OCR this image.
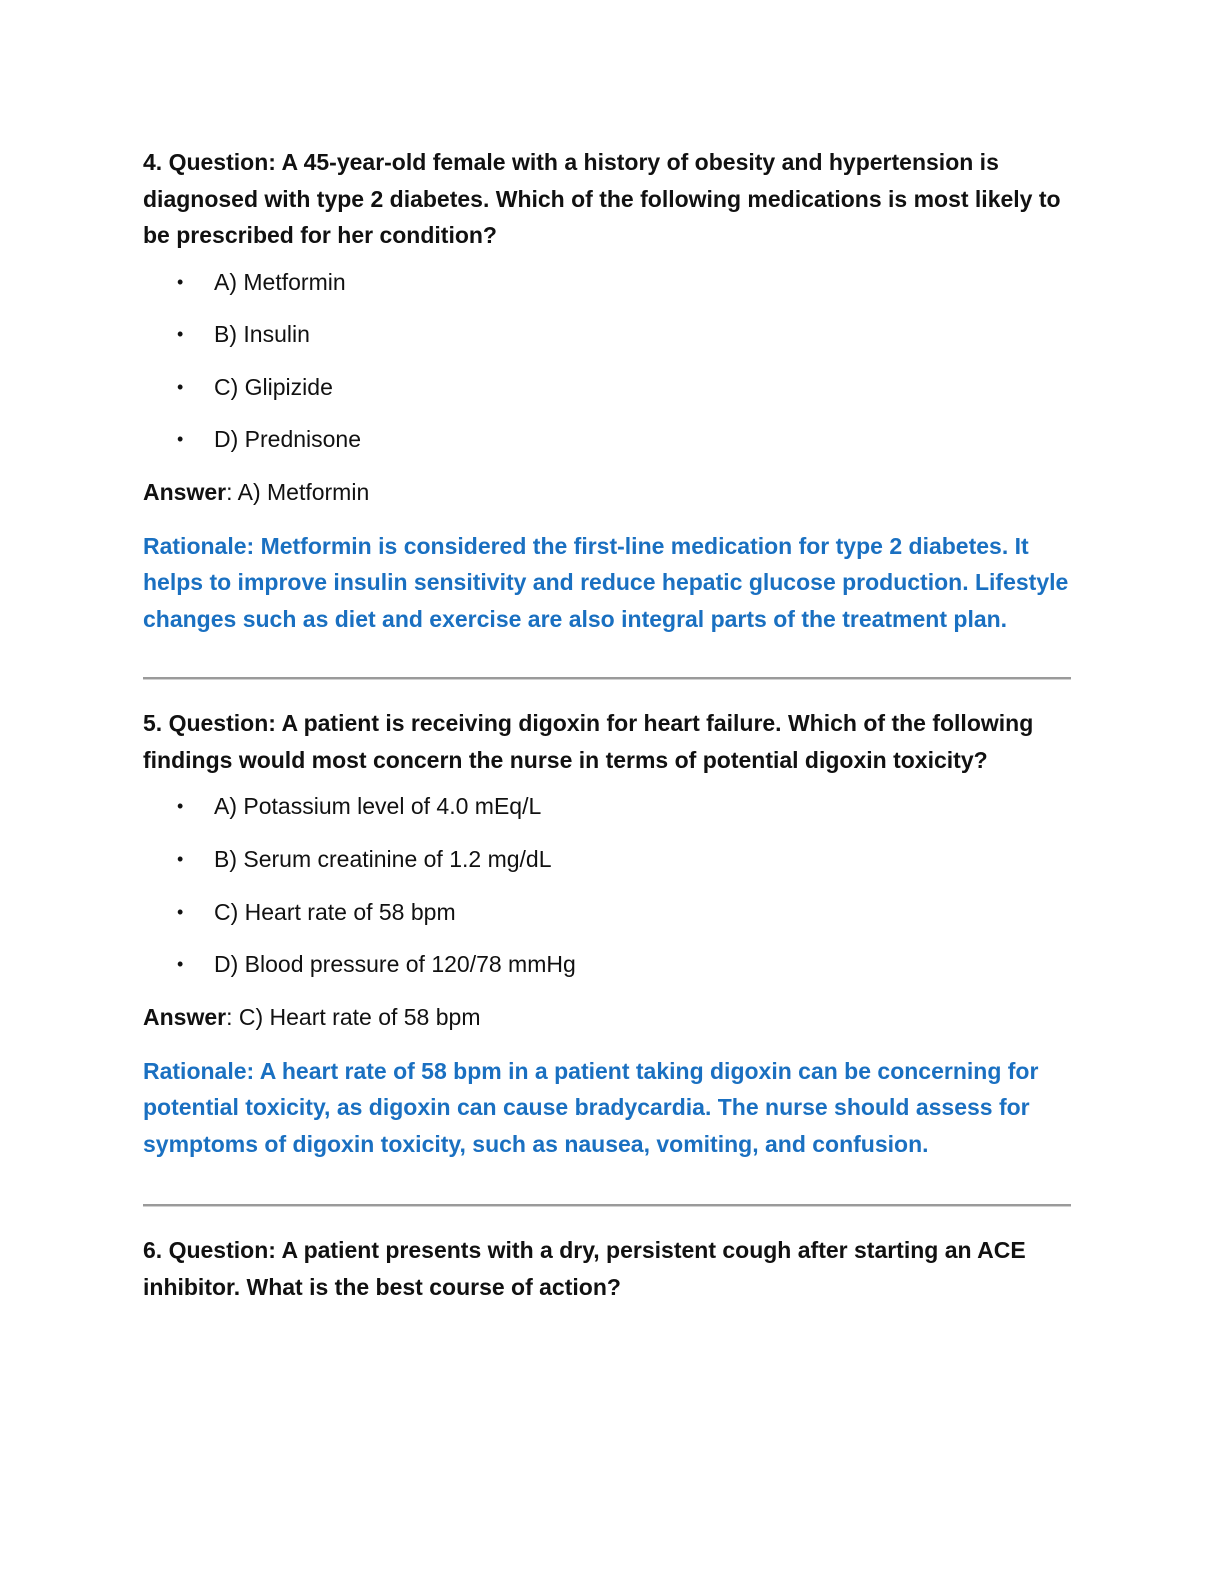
4. Question: A 45-year-old female with a history of obesity and hypertension is diagnosed with type 2 diabetes. Which of the following medications is most likely to be prescribed for her condition?

• A) Metformin
• B) Insulin
• C) Glipizide
• D) Prednisone

Answer: A) Metformin

Rationale: Metformin is considered the first-line medication for type 2 diabetes. It helps to improve insulin sensitivity and reduce hepatic glucose production. Lifestyle changes such as diet and exercise are also integral parts of the treatment plan.

5. Question: A patient is receiving digoxin for heart failure. Which of the following findings would most concern the nurse in terms of potential digoxin toxicity?

• A) Potassium level of 4.0 mEq/L
• B) Serum creatinine of 1.2 mg/dL
• C) Heart rate of 58 bpm
• D) Blood pressure of 120/78 mmHg

Answer: C) Heart rate of 58 bpm

Rationale: A heart rate of 58 bpm in a patient taking digoxin can be concerning for potential toxicity, as digoxin can cause bradycardia. The nurse should assess for symptoms of digoxin toxicity, such as nausea, vomiting, and confusion.

6. Question: A patient presents with a dry, persistent cough after starting an ACE inhibitor. What is the best course of action?
